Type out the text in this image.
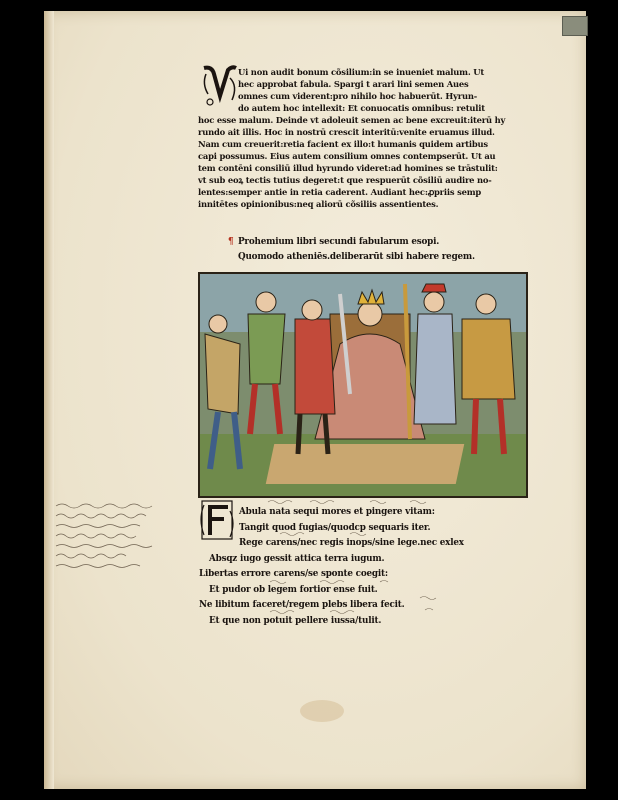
Ui non audit bonum cõsilium:in se inueniet malum. Ut
hec approbat fabula. Spargi t arari lini semen Aues
omnes cum viderent:pro nihilo hoc habuerūt. Hyrun-
do autem hoc intellexit: Et conuocatis omnibus: retulit
hoc esse malum. Deinde vt adoleuit semen ac bene excreuit:iterū hy
rundo ait illis. Hoc in nostrū crescit interitū:venite eruamus illud.
Nam cum creuerit:retia facient ex illo:t humanis quidem artibus
capi possumus. Eius autem consilium omnes contempserūt. Ut au
tem contēni consiliū illud hyrundo videret:ad homines se trāstulit:
vt sub eoꝝ tectis tutius degeret:t que respuerūt cõsiliū audire no-
lentes:semper antie in retia caderent. Audiant hec:ꝓpriis semp
innitētes opinionibus:neq aliorū cõsiliis assentientes.
¶ Prohemium libri secundi fabularum esopi.
Quomodo atheniēs.deliberarūt sibi habere regem.
Abula nata sequi mores et pingere vitam:
Tangit quod fugias/quodcp sequaris iter.
Rege carens/nec regis inops/sine lege.nec exlex
Absqz iugo gessit attica terra iugum.
Libertas errore carens/se sponte coegit:
Et pudor ob legem fortior ense fuit.
Ne libitum faceret/regem plebs libera fecit.
Et que non potuit pellere iussa/tulit.
